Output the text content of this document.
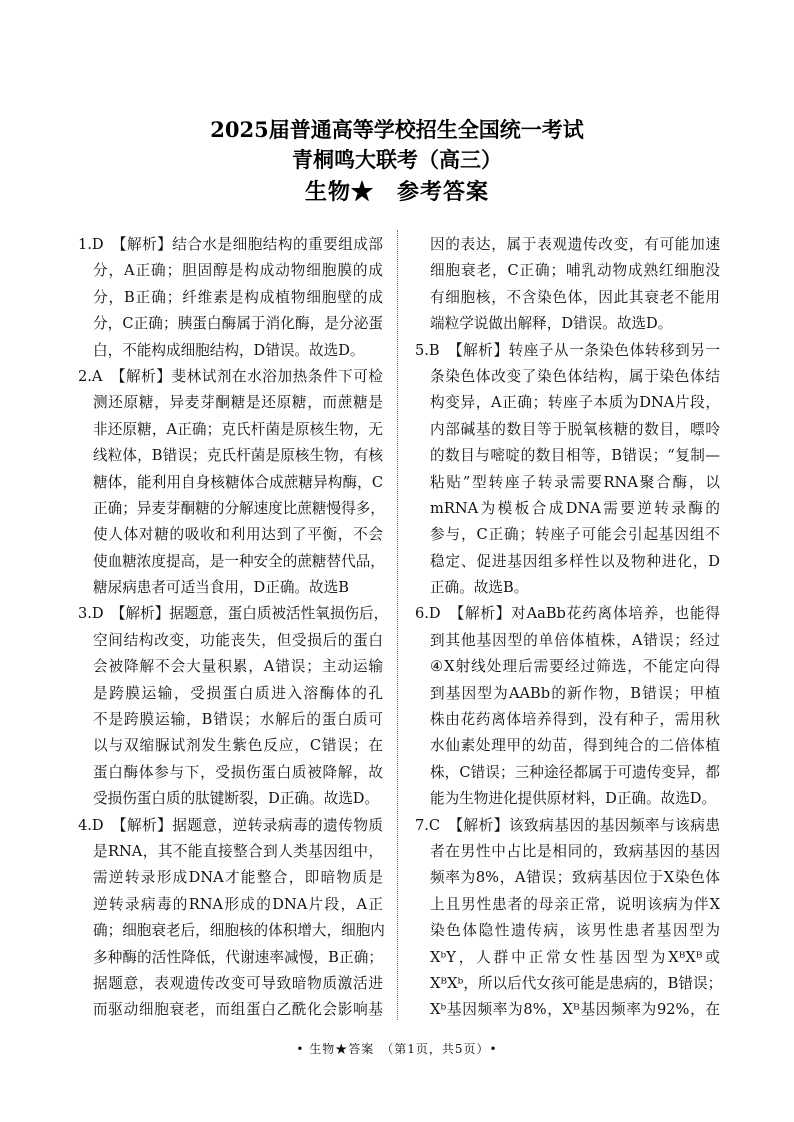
2025届普通高等学校招生全国统一考试
青桐鸣大联考（高三）
生物★　参考答案
1.D　【解析】结合水是细胞结构的重要组成部
分，A正确；胆固醇是构成动物细胞膜的成
分，B正确；纤维素是构成植物细胞壁的成
分，C正确；胰蛋白酶属于消化酶，是分泌蛋
白，不能构成细胞结构，D错误。故选D。
2.A　【解析】斐林试剂在水浴加热条件下可检
测还原糖，异麦芽酮糖是还原糖，而蔗糖是
非还原糖，A正确；克氏杆菌是原核生物，无
线粒体，B错误；克氏杆菌是原核生物，有核
糖体，能利用自身核糖体合成蔗糖异构酶，C
正确；异麦芽酮糖的分解速度比蔗糖慢得多，
使人体对糖的吸收和利用达到了平衡，不会
使血糖浓度提高，是一种安全的蔗糖替代品，
糖尿病患者可适当食用，D正确。故选B
3.D　【解析】据题意，蛋白质被活性氧损伤后，
空间结构改变，功能丧失，但受损后的蛋白
会被降解不会大量积累，A错误；主动运输
是跨膜运输，受损蛋白质进入溶酶体的孔
不是跨膜运输，B错误；水解后的蛋白质可
以与双缩脲试剂发生紫色反应，C错误；在
蛋白酶体参与下，受损伤蛋白质被降解，故
受损伤蛋白质的肽键断裂，D正确。故选D。
4.D　【解析】据题意，逆转录病毒的遗传物质
是RNA，其不能直接整合到人类基因组中，
需逆转录形成DNA才能整合，即暗物质是
逆转录病毒的RNA形成的DNA片段，A正
确；细胞衰老后，细胞核的体积增大，细胞内
多种酶的活性降低，代谢速率减慢，B正确；
据题意，表观遗传改变可导致暗物质激活进
而驱动细胞衰老，而组蛋白乙酰化会影响基
因的表达，属于表观遗传改变，有可能加速
细胞衰老，C正确；哺乳动物成熟红细胞没
有细胞核，不含染色体，因此其衰老不能用
端粒学说做出解释，D错误。故选D。
5.B　【解析】转座子从一条染色体转移到另一
条染色体改变了染色体结构，属于染色体结
构变异，A正确；转座子本质为DNA片段，
内部碱基的数目等于脱氧核糖的数目，嘌呤
的数目与嘧啶的数目相等，B错误；“复制—
粘贴”型转座子转录需要RNA聚合酶，以
mRNA为模板合成DNA需要逆转录酶的
参与，C正确；转座子可能会引起基因组不
稳定、促进基因组多样性以及物种进化，D
正确。故选B。
6.D　【解析】对AaBb花药离体培养，也能得
到其他基因型的单倍体植株，A错误；经过
④X射线处理后需要经过筛选，不能定向得
到基因型为AABb的新作物，B错误；甲植
株由花药离体培养得到，没有种子，需用秋
水仙素处理甲的幼苗，得到纯合的二倍体植
株，C错误；三种途径都属于可遗传变异，都
能为生物进化提供原材料，D正确。故选D。
7.C　【解析】该致病基因的基因频率与该病患
者在男性中占比是相同的，致病基因的基因
频率为8%，A错误；致病基因位于X染色体
上且男性患者的母亲正常，说明该病为伴X
染色体隐性遗传病，该男性患者基因型为
XᵇY，人群中正常女性基因型为XᴮXᴮ或
XᴮXᵇ，所以后代女孩可能是患病的，B错误；
Xᵇ基因频率为8%，Xᴮ基因频率为92%，在
• 生物★答案　（第1页，共5页）•
